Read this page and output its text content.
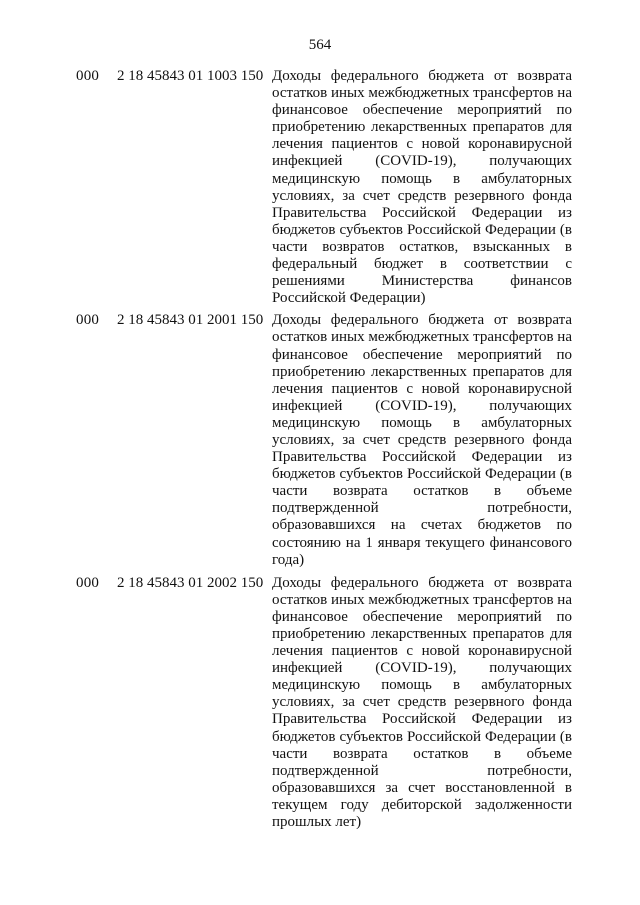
564
000 2 18 45843 01 1003 150 Доходы федерального бюджета от возврата остатков иных межбюджетных трансфертов на финансовое обеспечение мероприятий по приобретению лекарственных препаратов для лечения пациентов с новой коронавирусной инфекцией (COVID-19), получающих медицинскую помощь в амбулаторных условиях, за счет средств резервного фонда Правительства Российской Федерации из бюджетов субъектов Российской Федерации (в части возвратов остатков, взысканных в федеральный бюджет в соответствии с решениями Министерства финансов Российской Федерации)
000 2 18 45843 01 2001 150 Доходы федерального бюджета от возврата остатков иных межбюджетных трансфертов на финансовое обеспечение мероприятий по приобретению лекарственных препаратов для лечения пациентов с новой коронавирусной инфекцией (COVID-19), получающих медицинскую помощь в амбулаторных условиях, за счет средств резервного фонда Правительства Российской Федерации из бюджетов субъектов Российской Федерации (в части возврата остатков в объеме подтвержденной потребности, образовавшихся на счетах бюджетов по состоянию на 1 января текущего финансового года)
000 2 18 45843 01 2002 150 Доходы федерального бюджета от возврата остатков иных межбюджетных трансфертов на финансовое обеспечение мероприятий по приобретению лекарственных препаратов для лечения пациентов с новой коронавирусной инфекцией (COVID-19), получающих медицинскую помощь в амбулаторных условиях, за счет средств резервного фонда Правительства Российской Федерации из бюджетов субъектов Российской Федерации (в части возврата остатков в объеме подтвержденной потребности, образовавшихся за счет восстановленной в текущем году дебиторской задолженности прошлых лет)
